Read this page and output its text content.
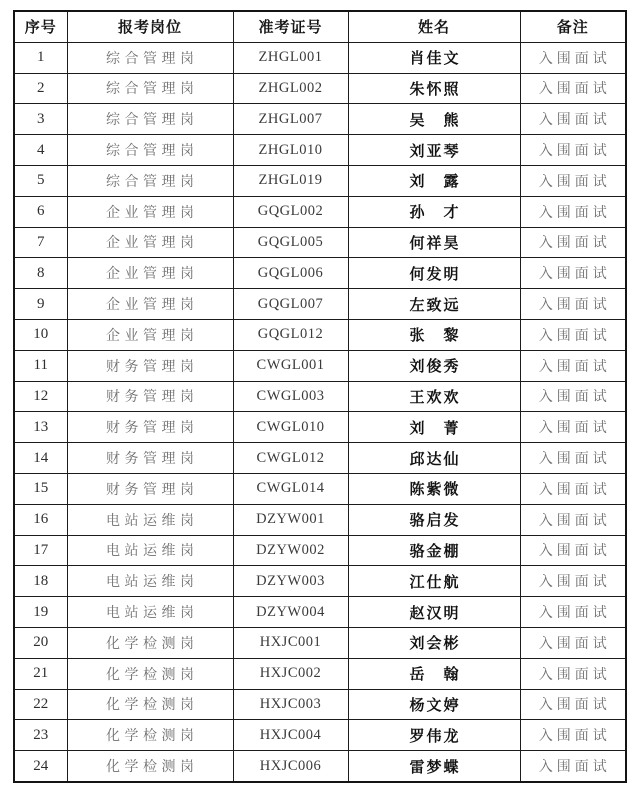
序号	报考岗位	准考证号	姓名	备注
1	综合管理岗	ZHGL001	肖佳文	入围面试
2	综合管理岗	ZHGL002	朱怀照	入围面试
3	综合管理岗	ZHGL007	吴　熊	入围面试
4	综合管理岗	ZHGL010	刘亚琴	入围面试
5	综合管理岗	ZHGL019	刘　露	入围面试
6	企业管理岗	GQGL002	孙　才	入围面试
7	企业管理岗	GQGL005	何祥昊	入围面试
8	企业管理岗	GQGL006	何发明	入围面试
9	企业管理岗	GQGL007	左致远	入围面试
10	企业管理岗	GQGL012	张　黎	入围面试
11	财务管理岗	CWGL001	刘俊秀	入围面试
12	财务管理岗	CWGL003	王欢欢	入围面试
13	财务管理岗	CWGL010	刘　菁	入围面试
14	财务管理岗	CWGL012	邱达仙	入围面试
15	财务管理岗	CWGL014	陈紫微	入围面试
16	电站运维岗	DZYW001	骆启发	入围面试
17	电站运维岗	DZYW002	骆金棚	入围面试
18	电站运维岗	DZYW003	江仕航	入围面试
19	电站运维岗	DZYW004	赵汉明	入围面试
20	化学检测岗	HXJC001	刘会彬	入围面试
21	化学检测岗	HXJC002	岳　翰	入围面试
22	化学检测岗	HXJC003	杨文婷	入围面试
23	化学检测岗	HXJC004	罗伟龙	入围面试
24	化学检测岗	HXJC006	雷梦蝶	入围面试
